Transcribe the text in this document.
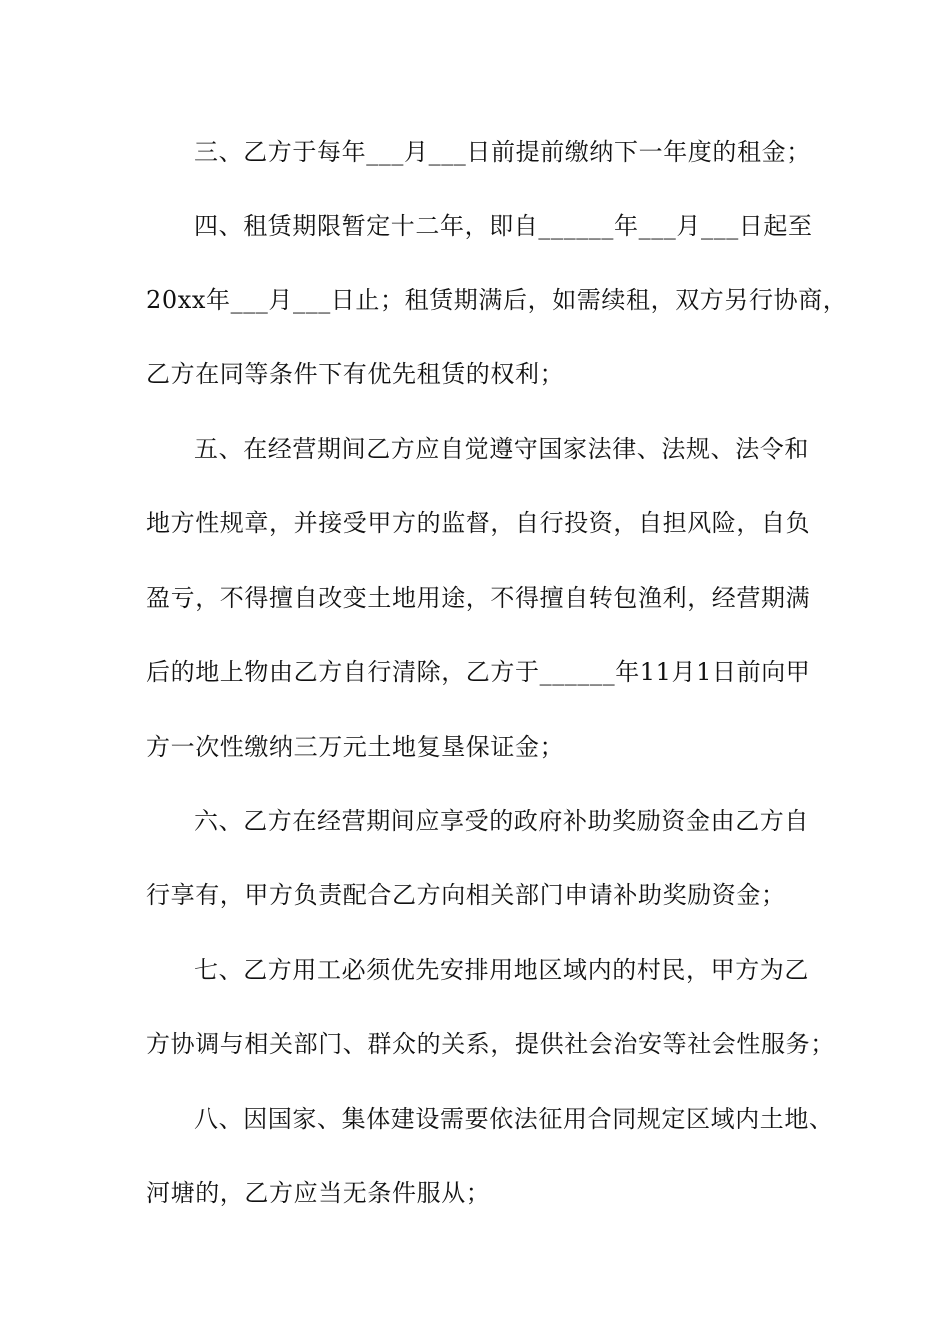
三、乙方于每年___月___日前提前缴纳下一年度的租金；
四、租赁期限暂定十二年，即自______年___月___日起至
20xx年___月___日止；租赁期满后，如需续租，双方另行协商，
乙方在同等条件下有优先租赁的权利；
五、在经营期间乙方应自觉遵守国家法律、法规、法令和
地方性规章，并接受甲方的监督，自行投资，自担风险，自负
盈亏，不得擅自改变土地用途，不得擅自转包渔利，经营期满
后的地上物由乙方自行清除，乙方于______年11月1日前向甲
方一次性缴纳三万元土地复垦保证金；
六、乙方在经营期间应享受的政府补助奖励资金由乙方自
行享有，甲方负责配合乙方向相关部门申请补助奖励资金；
七、乙方用工必须优先安排用地区域内的村民，甲方为乙
方协调与相关部门、群众的关系，提供社会治安等社会性服务；
八、因国家、集体建设需要依法征用合同规定区域内土地、
河塘的，乙方应当无条件服从；
